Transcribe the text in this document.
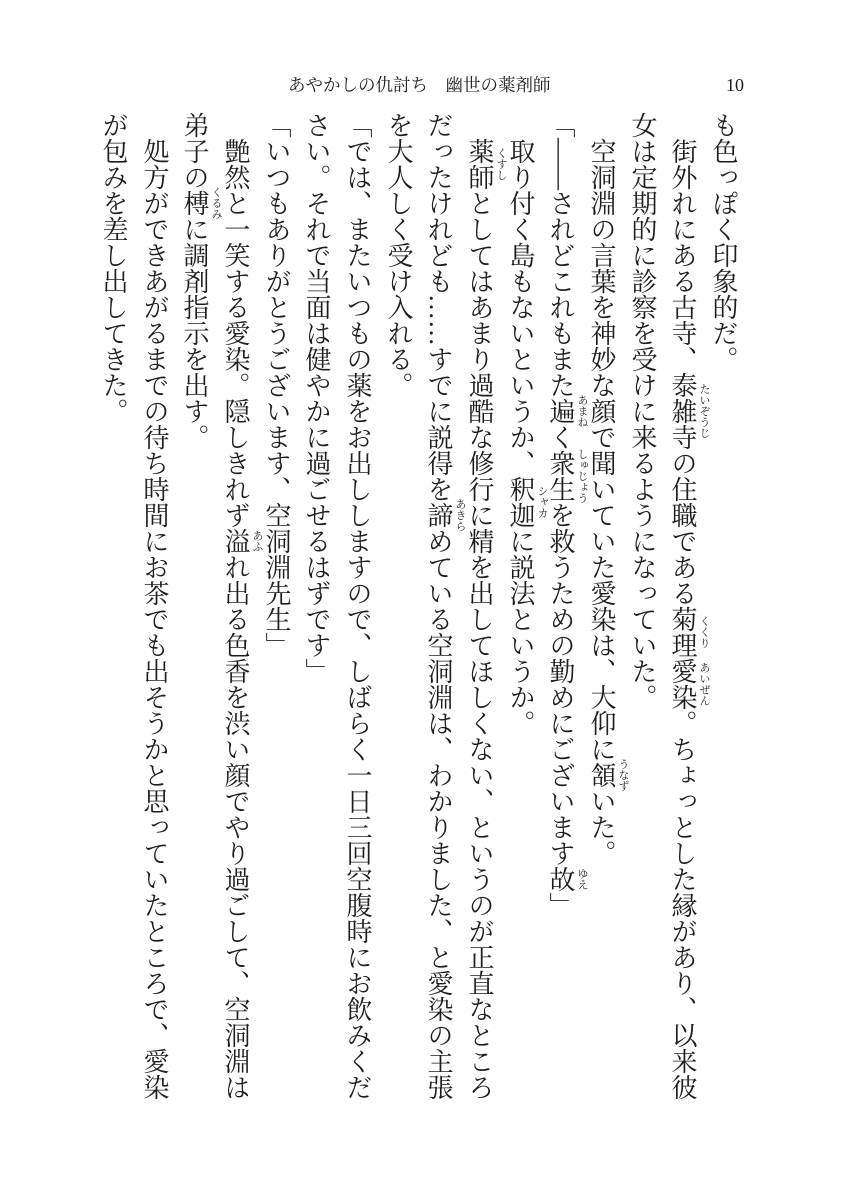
あやかしの仇討ち　幽世の薬剤師	10
も色っぽく印象的だ。
街外れにある古寺、泰雑寺 たいぞうじ
の住職である菊理 くくり
愛染 あいぜん
。ちょっとした縁があり、以来彼
女は定期的に診察を受けに来るようになっていた。
空洞淵の言葉を神妙な顔で聞いていた愛染は、大仰に頷 うなず
いた。
「――されどこれもまた遍 あまね
く衆生 しゅじょう
を救うための勤めにございます故 ゆえ
」
取り付く島もないというか、釈迦 シャカ
に説法というか。
薬師 くすし
としてはあまり過酷な修行に精を出してほしくない、というのが正直なところ
だったけれども……すでに説得を諦 あきら
めている空洞淵は、わかりました、と愛染の主張
を大人しく受け入れる。
「では、またいつもの薬をお出ししますので、しばらく一日三回空腹時にお飲みくだ
さい。それで当面は健やかに過ごせるはずです」
「いつもありがとうございます、空洞淵先生」
艶然と一笑する愛染。隠しきれず溢 あふ
れ出る色香を渋い顔でやり過ごして、空洞淵は
弟子の榑 くるみ
に調剤指示を出す。
処方ができあがるまでの待ち時間にお茶でも出そうかと思っていたところで、愛染
が包みを差し出してきた。
